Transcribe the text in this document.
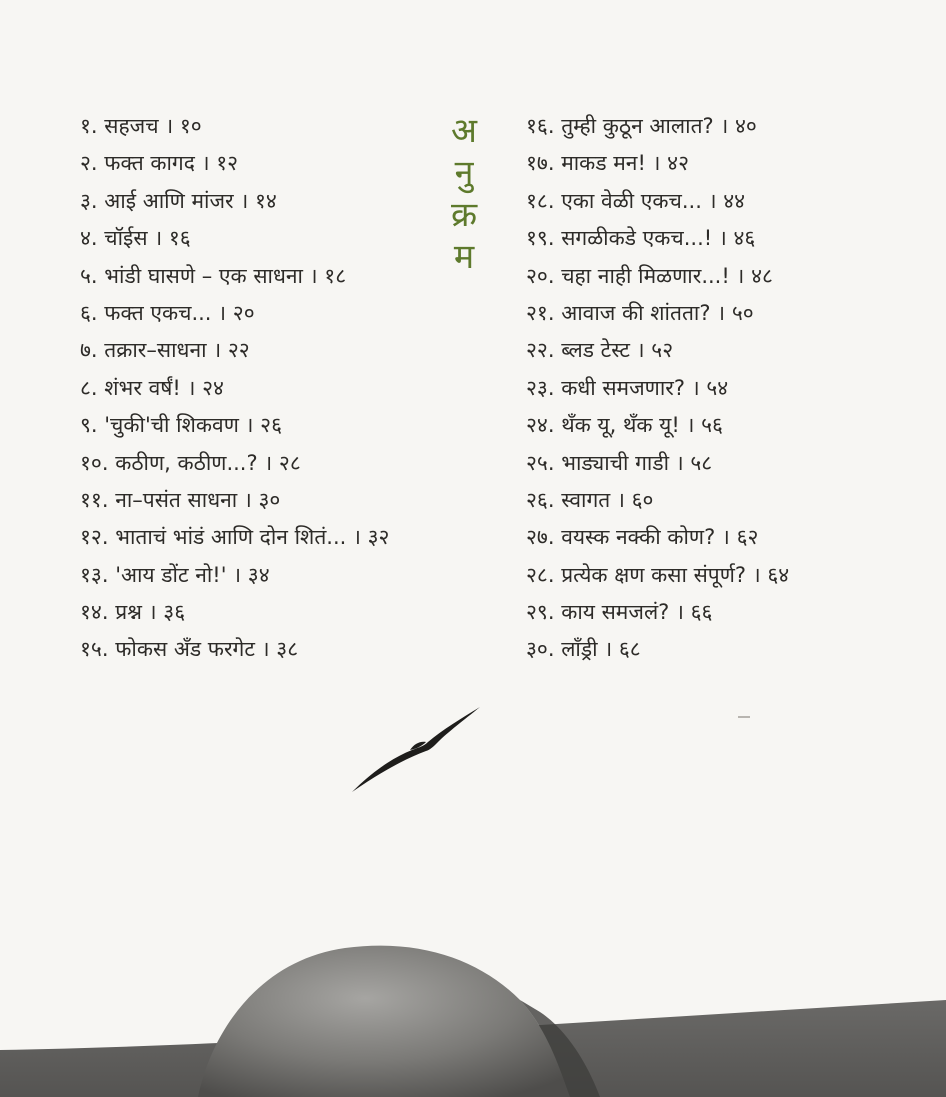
१. सहजच । १०
२. फक्त कागद । १२
३. आई आणि मांजर । १४
४. चॉईस । १६
५. भांडी घासणे – एक साधना । १८
६. फक्त एकच... । २०
७. तक्रार–साधना । २२
८. शंभर वर्षं! । २४
९. 'चुकी'ची शिकवण । २६
१०. कठीण, कठीण...? । २८
११. ना–पसंत साधना । ३०
१२. भाताचं भांडं आणि दोन शितं... । ३२
१३. 'आय डोंट नो!' । ३४
१४. प्रश्न । ३६
१५. फोकस अँड फरगेट । ३८
अ
नु
क्र
म
१६. तुम्ही कुठून आलात? । ४०
१७. माकड मन! । ४२
१८. एका वेळी एकच... । ४४
१९. सगळीकडे एकच...! । ४६
२०. चहा नाही मिळणार...! । ४८
२१. आवाज की शांतता? । ५०
२२. ब्लड टेस्ट । ५२
२३. कधी समजणार? । ५४
२४. थँक यू, थँक यू! । ५६
२५. भाड्याची गाडी । ५८
२६. स्वागत । ६०
२७. वयस्क नक्की कोण? । ६२
२८. प्रत्येक क्षण कसा संपूर्ण? । ६४
२९. काय समजलं? । ६६
३०. लाँड्री । ६८
